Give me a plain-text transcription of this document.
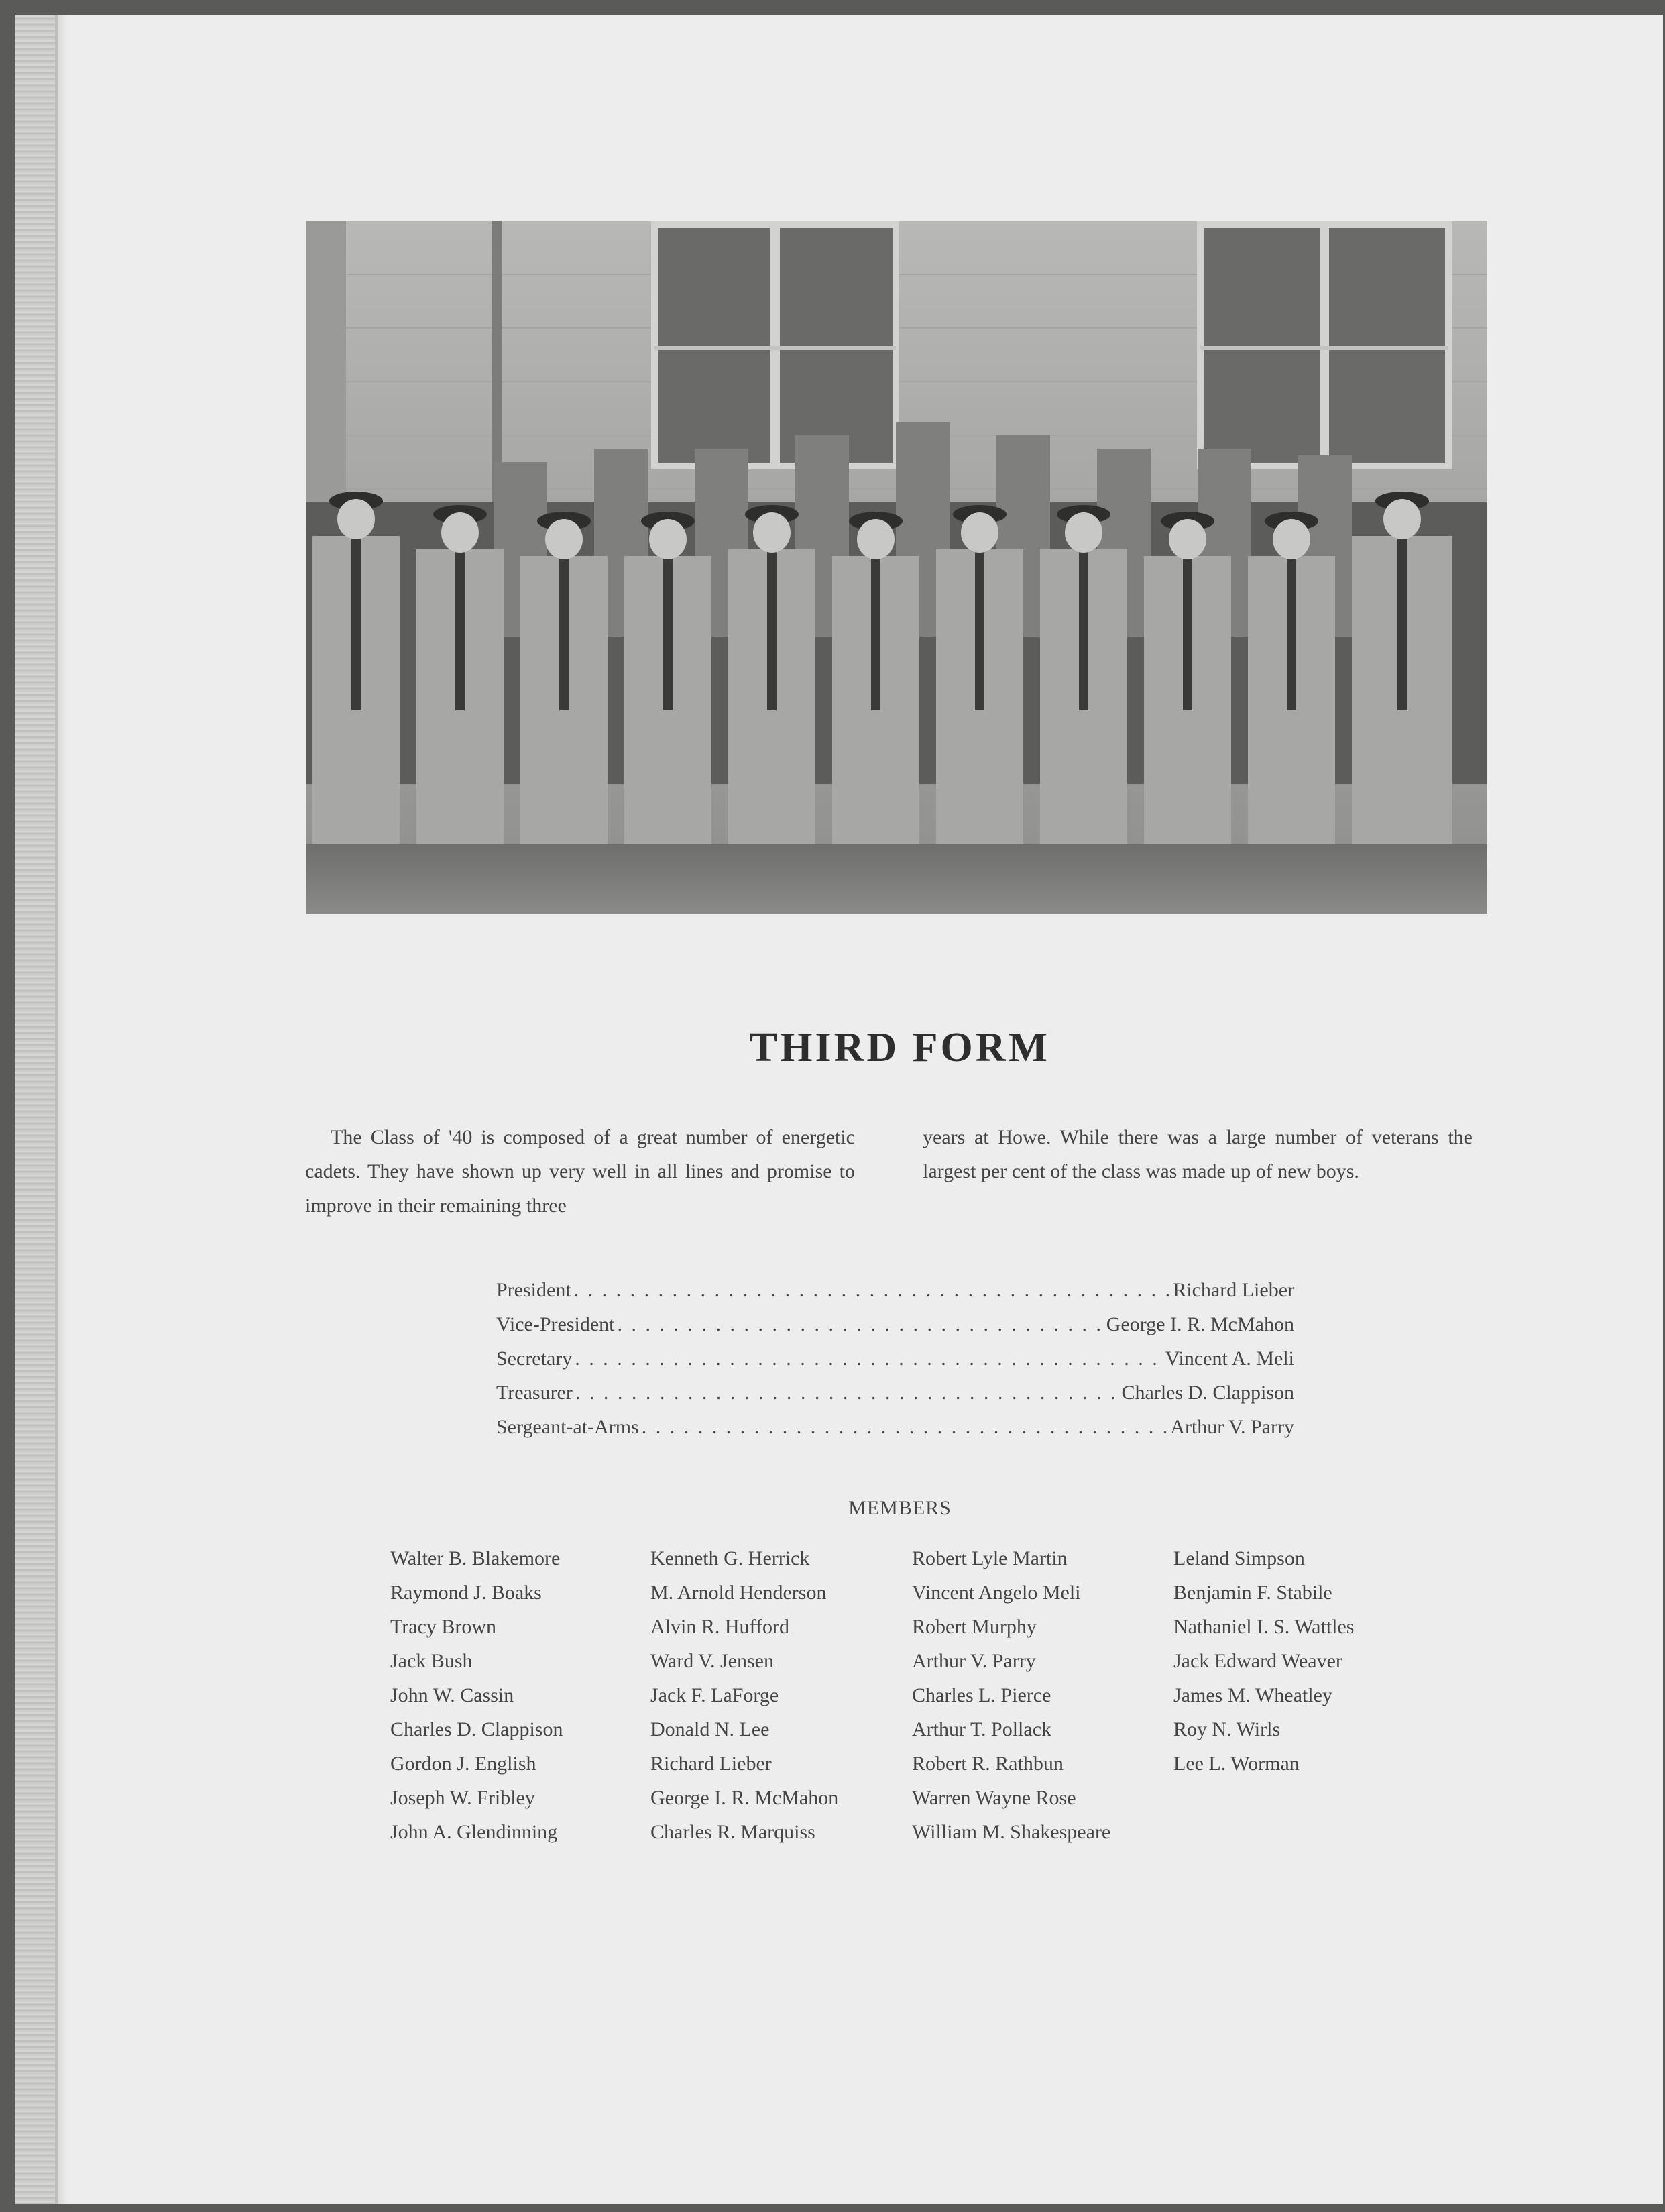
THIRD FORM

The Class of '40 is composed of a great number of energetic cadets. They have shown up very well in all lines and promise to improve in their remaining three

years at Howe. While there was a large number of veterans the largest per cent of the class was made up of new boys.

President . . .	Richard Lieber
Vice-President . . .	George I. R. McMahon
Secretary . . .	Vincent A. Meli
Treasurer . . .	Charles D. Clappison
Sergeant-at-Arms . . .	Arthur V. Parry
MEMBERS
Walter B. Blakemore
Raymond J. Boaks
Tracy Brown
Jack Bush
John W. Cassin
Charles D. Clappison
Gordon J. English
Joseph W. Fribley
John A. Glendinning
Kenneth G. Herrick
M. Arnold Henderson
Alvin R. Hufford
Ward V. Jensen
Jack F. LaForge
Donald N. Lee
Richard Lieber
George I. R. McMahon
Charles R. Marquiss
Robert Lyle Martin
Vincent Angelo Meli
Robert Murphy
Arthur V. Parry
Charles L. Pierce
Arthur T. Pollack
Robert R. Rathbun
Warren Wayne Rose
William M. Shakespeare
Leland Simpson
Benjamin F. Stabile
Nathaniel I. S. Wattles
Jack Edward Weaver
James M. Wheatley
Roy N. Wirls
Lee L. Worman
